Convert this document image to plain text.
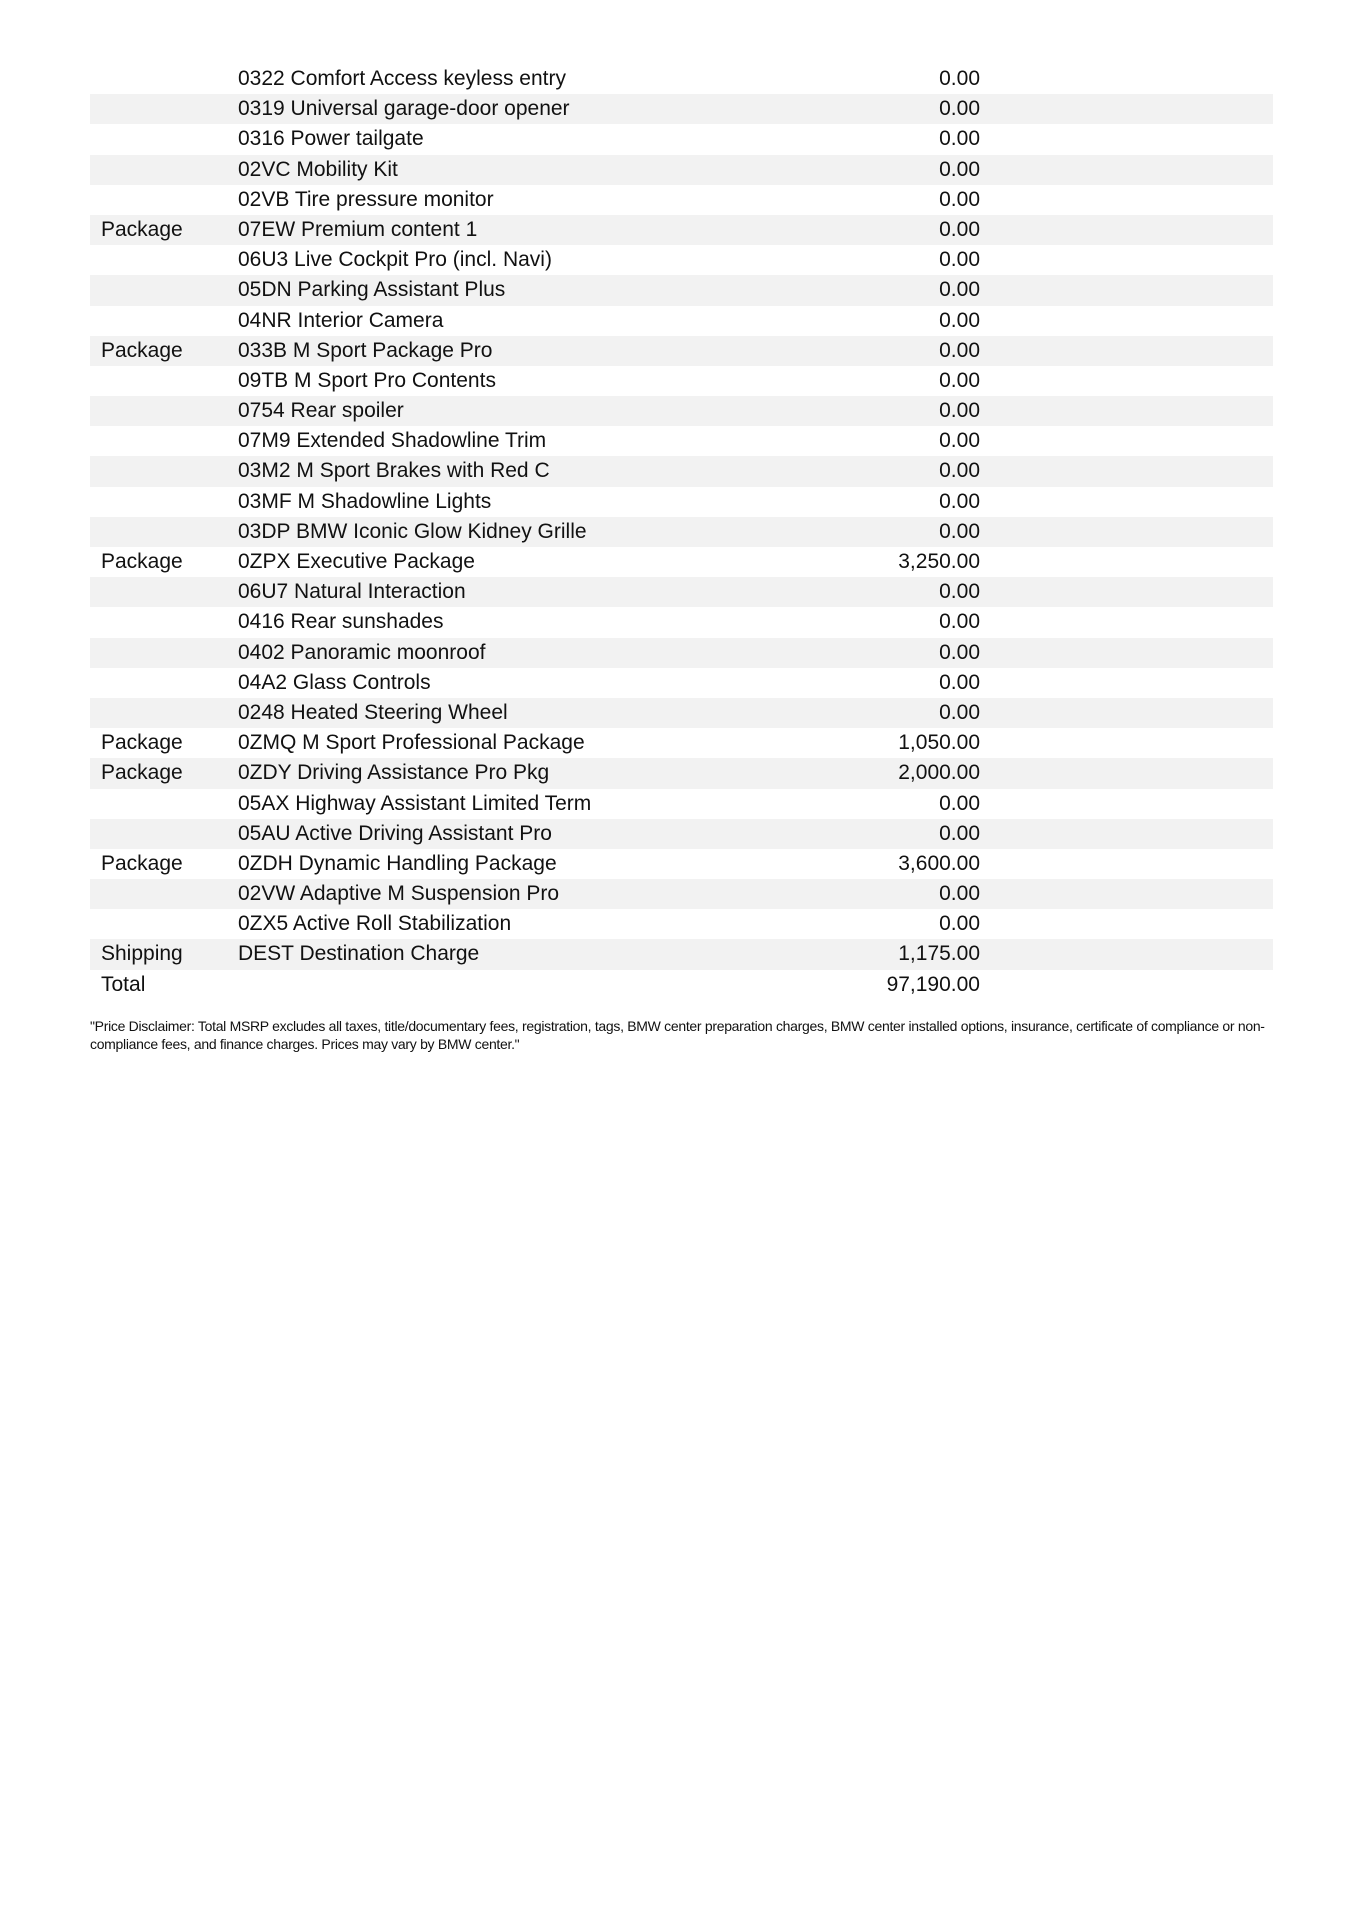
0322 Comfort Access keyless entry	0.00
0319 Universal garage-door opener	0.00
0316 Power tailgate	0.00
02VC Mobility Kit	0.00
02VB Tire pressure monitor	0.00
Package	07EW Premium content 1	0.00
06U3 Live Cockpit Pro (incl. Navi)	0.00
05DN Parking Assistant Plus	0.00
04NR Interior Camera	0.00
Package	033B M Sport Package Pro	0.00
09TB M Sport Pro Contents	0.00
0754 Rear spoiler	0.00
07M9 Extended Shadowline Trim	0.00
03M2 M Sport Brakes with Red C	0.00
03MF M Shadowline Lights	0.00
03DP BMW Iconic Glow Kidney Grille	0.00
Package	0ZPX Executive Package	3,250.00
06U7 Natural Interaction	0.00
0416 Rear sunshades	0.00
0402 Panoramic moonroof	0.00
04A2 Glass Controls	0.00
0248 Heated Steering Wheel	0.00
Package	0ZMQ M Sport Professional Package	1,050.00
Package	0ZDY Driving Assistance Pro Pkg	2,000.00
05AX Highway Assistant Limited Term	0.00
05AU Active Driving Assistant Pro	0.00
Package	0ZDH Dynamic Handling Package	3,600.00
02VW Adaptive M Suspension Pro	0.00
0ZX5 Active Roll Stabilization	0.00
Shipping	DEST Destination Charge	1,175.00
Total	97,190.00
"Price Disclaimer: Total MSRP excludes all taxes, title/documentary fees, registration, tags, BMW center preparation charges, BMW center installed options, insurance, certificate of compliance or non-compliance fees, and finance charges. Prices may vary by BMW center."
